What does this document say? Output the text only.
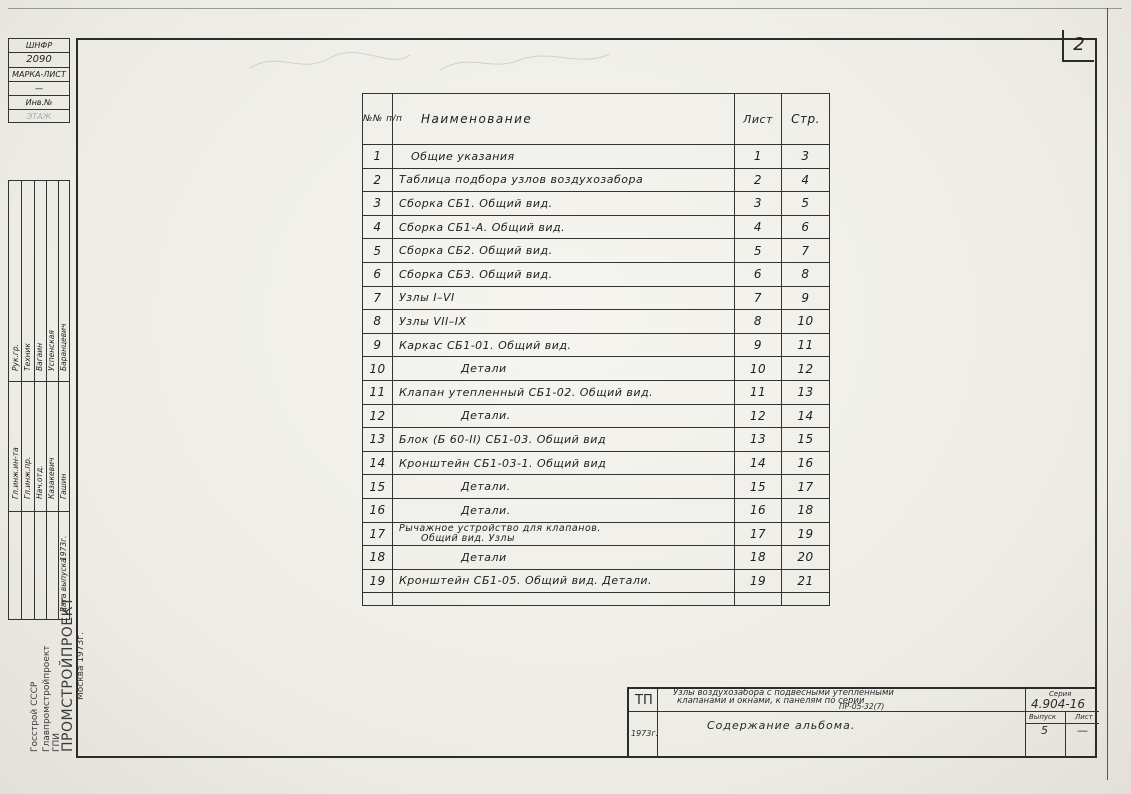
2
ШНФР
2090
МАРКА-ЛИСТ
—
Инв.№
ЭТАЖ
Гл.инж.ин-та Гл.инж.пр. Нач.отд.
Рук.гр. Техник
Казакевич Гашин
Вагаин Успенская Баранцевич
Дата выпуска
1973г.
Госстрой СССР Главпромстройпроект ГПИ
ПРОМСТРОЙПРОЕКТ Москва 1973г.
№№ п/п	Наименование	Лист	Стр.
1	Общие указания	1	3
2	Таблица подбора узлов воздухозабора	2	4
3	Сборка СБ1. Общий вид.	3	5
4	Сборка СБ1-А. Общий вид.	4	6
5	Сборка СБ2. Общий вид.	5	7
6	Сборка СБ3. Общий вид.	6	8
7	Узлы I–VI	7	9
8	Узлы VII–IX	8	10
9	Каркас СБ1-01. Общий вид.	9	11
10	Детали	10	12
11	Клапан утепленный СБ1-02. Общий вид.	11	13
12	Детали.	12	14
13	Блок (Б 60-II) СБ1-03. Общий вид	13	15
14	Кронштейн СБ1-03-1. Общий вид	14	16
15	Детали.	15	17
16	Детали.	16	18
17	Рычажное устройство для клапанов.
Общий вид. Узлы	17	19
18	Детали	18	20
19	Кронштейн СБ1-05. Общий вид. Детали.	19	21

ТП
1973г.
Узлы воздухозабора с подвесными утепленными
клапанами и окнами, к панелям по серии
ПР-05-32(7)
Содержание альбома.
Серия
4.904-16
Выпуск	Лист
5	—
